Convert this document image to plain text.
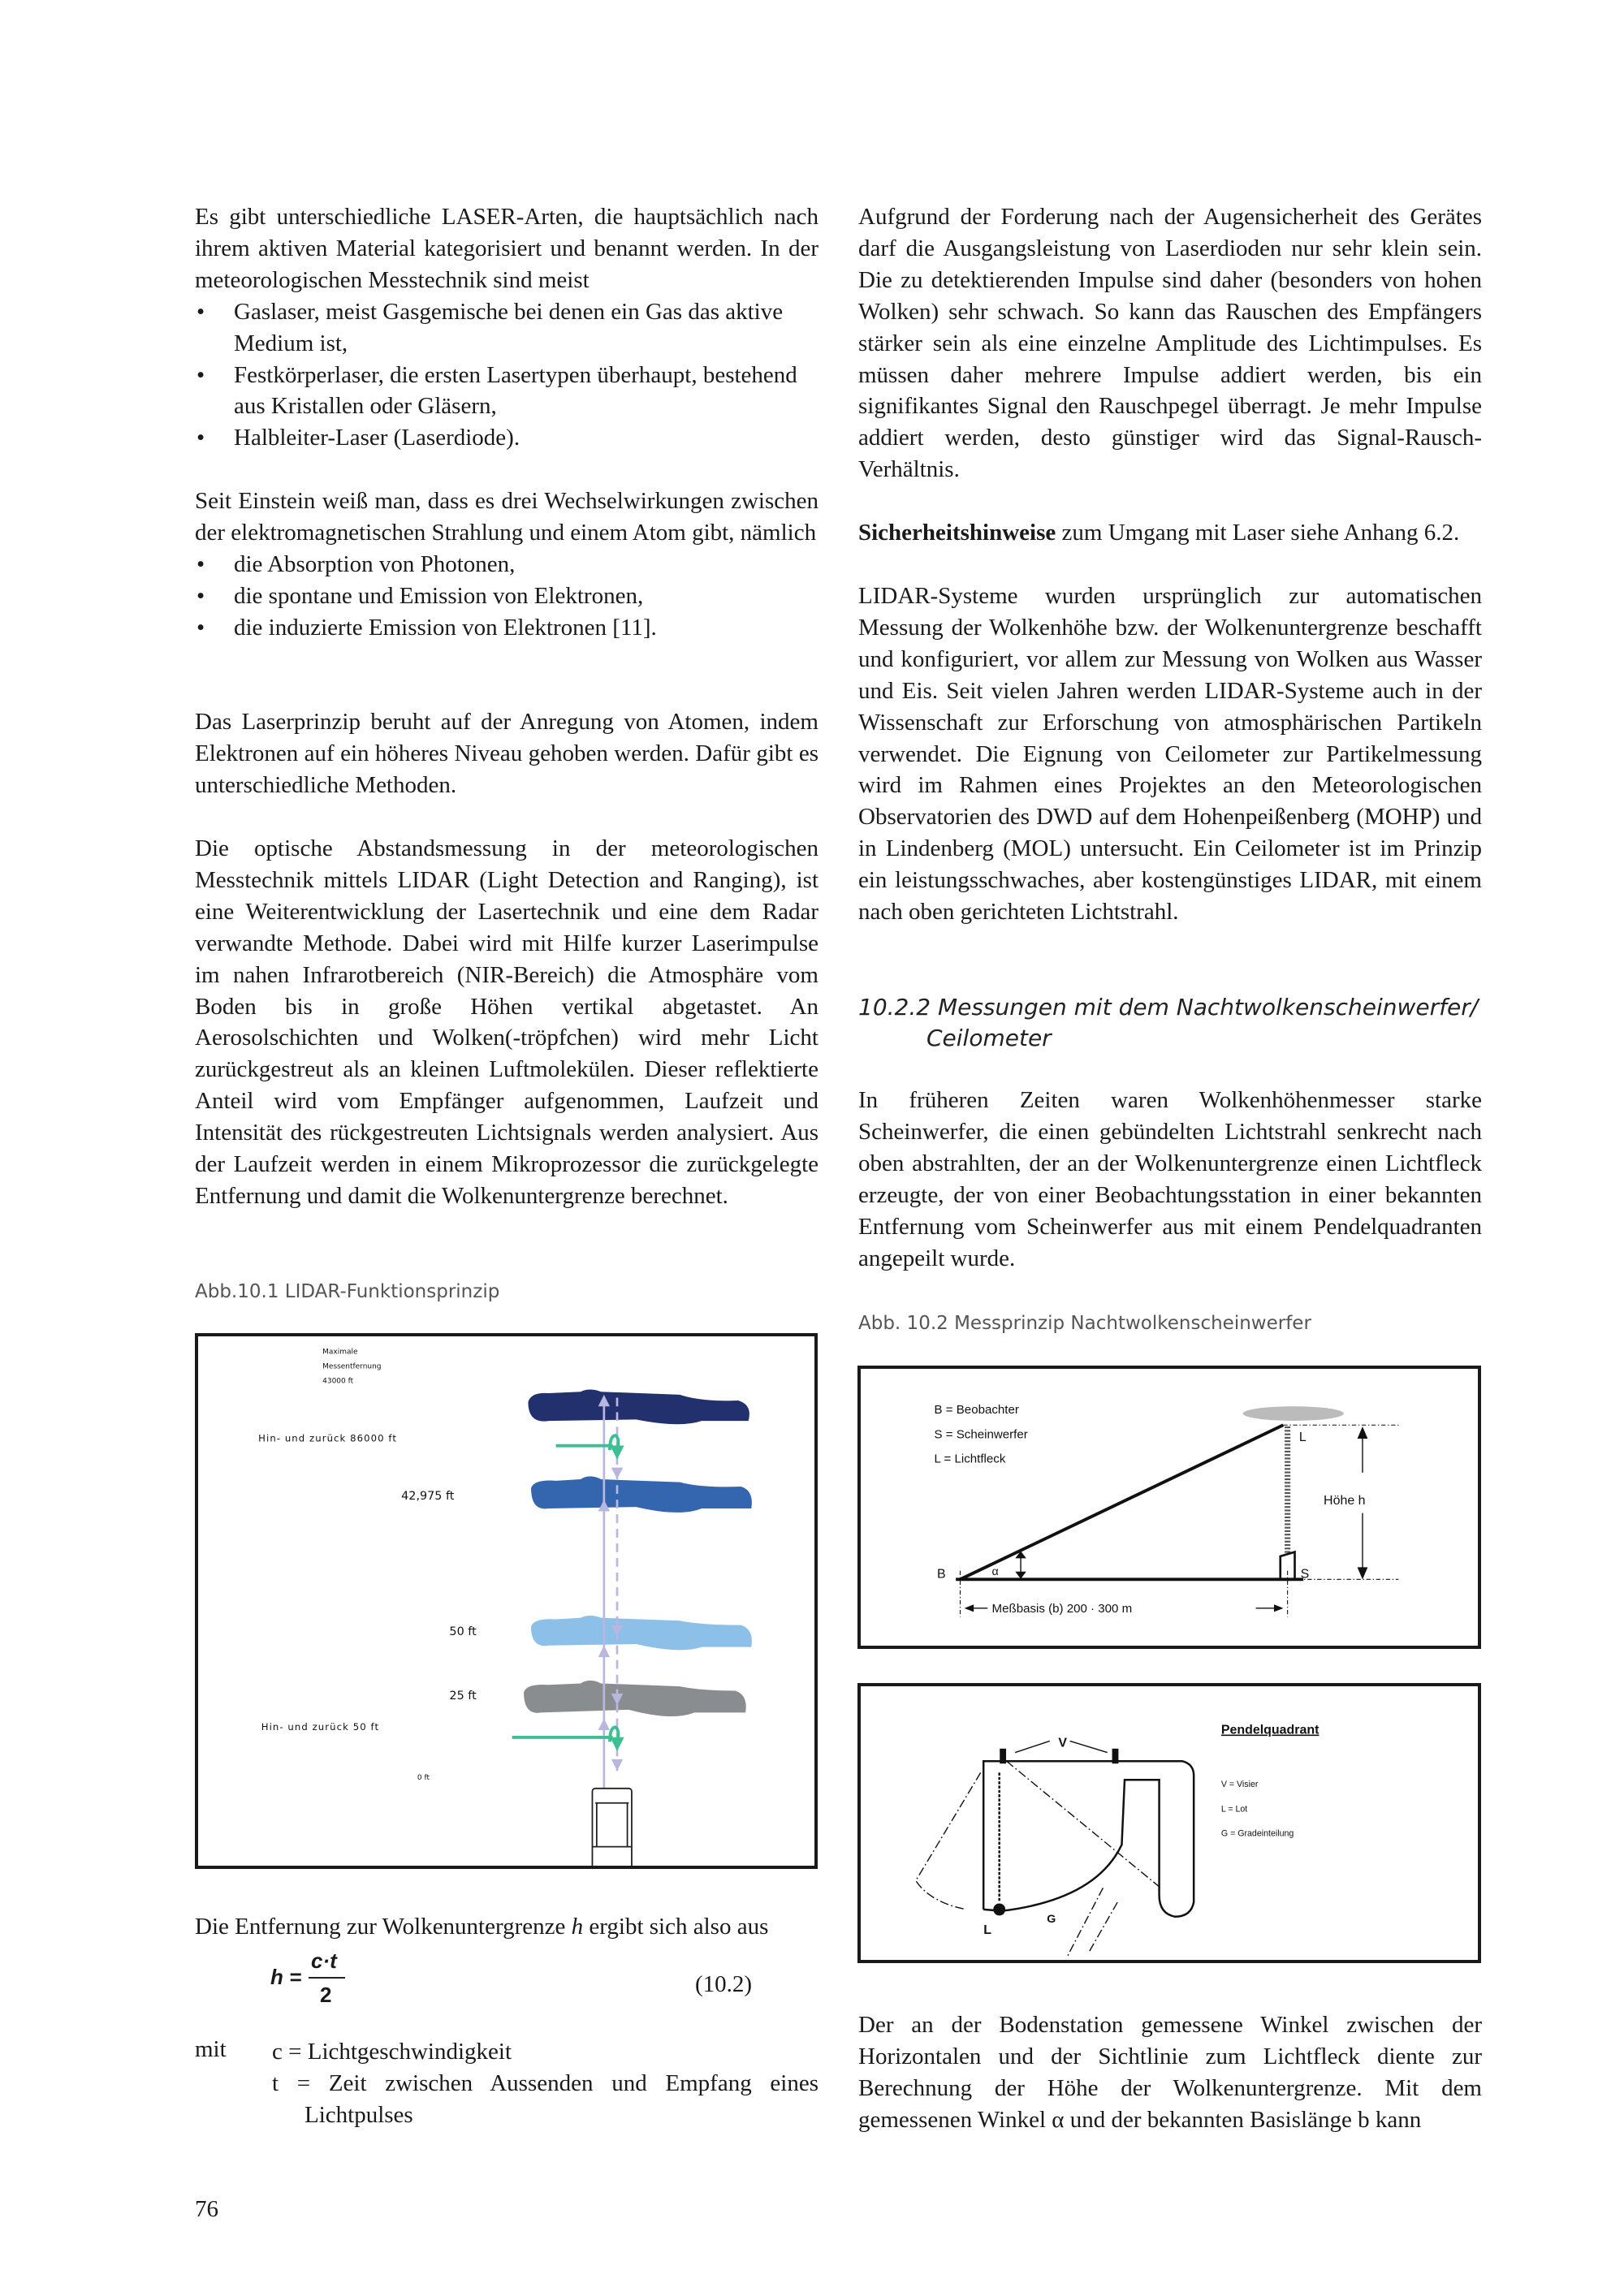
Es gibt unterschiedliche LASER-Arten, die hauptsächlich nach ihrem aktiven Material kategorisiert und benannt werden. In der meteorologischen Messtechnik sind meist

• Gaslaser, meist Gasgemische bei denen ein Gas das aktive Medium ist,
• Festkörperlaser, die ersten Lasertypen überhaupt, bestehend aus Kristallen oder Gläsern,
• Halbleiter-Laser (Laserdiode).

Seit Einstein weiß man, dass es drei Wechselwirkungen zwischen der elektromagnetischen Strahlung und einem Atom gibt, nämlich

• die Absorption von Photonen,
• die spontane und Emission von Elektronen,
• die induzierte Emission von Elektronen [11].

Das Laserprinzip beruht auf der Anregung von Atomen, indem Elektronen auf ein höheres Niveau gehoben werden. Dafür gibt es unterschiedliche Methoden.

Die optische Abstandsmessung in der meteorologischen Messtechnik mittels LIDAR (Light Detection and Ranging), ist eine Weiterentwicklung der Lasertechnik und eine dem Radar verwandte Methode. Dabei wird mit Hilfe kurzer Laserimpulse im nahen Infrarotbereich (NIR-Bereich) die Atmosphäre vom Boden bis in große Höhen vertikal abgetastet. An Aerosolschichten und Wolken(-tröpfchen) wird mehr Licht zurückgestreut als an kleinen Luftmolekülen. Dieser reflektierte Anteil wird vom Empfänger aufgenommen, Laufzeit und Intensität des rückgestreuten Lichtsignals werden analysiert. Aus der Laufzeit werden in einem Mikroprozessor die zurückgelegte Entfernung und damit die Wolkenuntergrenze berechnet.

Abb.10.1 LIDAR-Funktionsprinzip
Maximale
Messentfernung
43000 ft
Hin- und zurück 86000 ft
42,975 ft
50 ft
25 ft
Hin- und zurück 50 ft
0 ft
Die Entfernung zur Wolkenuntergrenze h ergibt sich also aus
h =
c·t
2	(10.2)
mit c = Lichtgeschwindigkeit
t = Zeit zwischen Aussenden und Empfang eines Lichtpulses
76

Aufgrund der Forderung nach der Augensicherheit des Gerätes darf die Ausgangsleistung von Laserdioden nur sehr klein sein. Die zu detektierenden Impulse sind daher (besonders von hohen Wolken) sehr schwach. So kann das Rauschen des Empfängers stärker sein als eine einzelne Amplitude des Lichtimpulses. Es müssen daher mehrere Impulse addiert werden, bis ein signifikantes Signal den Rauschpegel überragt. Je mehr Impulse addiert werden, desto günstiger wird das Signal-Rausch-Verhältnis.

Sicherheitshinweise zum Umgang mit Laser siehe Anhang 6.2.

LIDAR-Systeme wurden ursprünglich zur automatischen Messung der Wolkenhöhe bzw. der Wolkenuntergrenze beschafft und konfiguriert, vor allem zur Messung von Wolken aus Wasser und Eis. Seit vielen Jahren werden LIDAR-Systeme auch in der Wissenschaft zur Erforschung von atmosphärischen Partikeln verwendet. Die Eignung von Ceilometer zur Partikelmessung wird im Rahmen eines Projektes an den Meteorologischen Observatorien des DWD auf dem Hohenpeißenberg (MOHP) und in Lindenberg (MOL) untersucht. Ein Ceilometer ist im Prinzip ein leistungsschwaches, aber kostengünstiges LIDAR, mit einem nach oben gerichteten Lichtstrahl.

10.2.2 Messungen mit dem Nachtwolkenscheinwerfer/
Ceilometer

In früheren Zeiten waren Wolkenhöhenmesser starke Scheinwerfer, die einen gebündelten Lichtstrahl senkrecht nach oben abstrahlten, der an der Wolkenuntergrenze einen Lichtfleck erzeugte, der von einer Beobachtungsstation in einer bekannten Entfernung vom Scheinwerfer aus mit einem Pendelquadranten angepeilt wurde.

Der an der Bodenstation gemessene Winkel zwischen der Horizontalen und der Sichtlinie zum Lichtfleck diente zur Berechnung der Höhe der Wolkenuntergrenze. Mit dem gemessenen Winkel α und der bekannten Basislänge b kann

Abb. 10.2 Messprinzip Nachtwolkenscheinwerfer
B = Beobachter
S = Scheinwerfer
L = Lichtfleck
B	α	S
L
Höhe h
Meßbasis (b) 200 · 300 m
Pendelquadrant
V = Visier
L = Lot
G = Gradeinteilung
V
L
G
